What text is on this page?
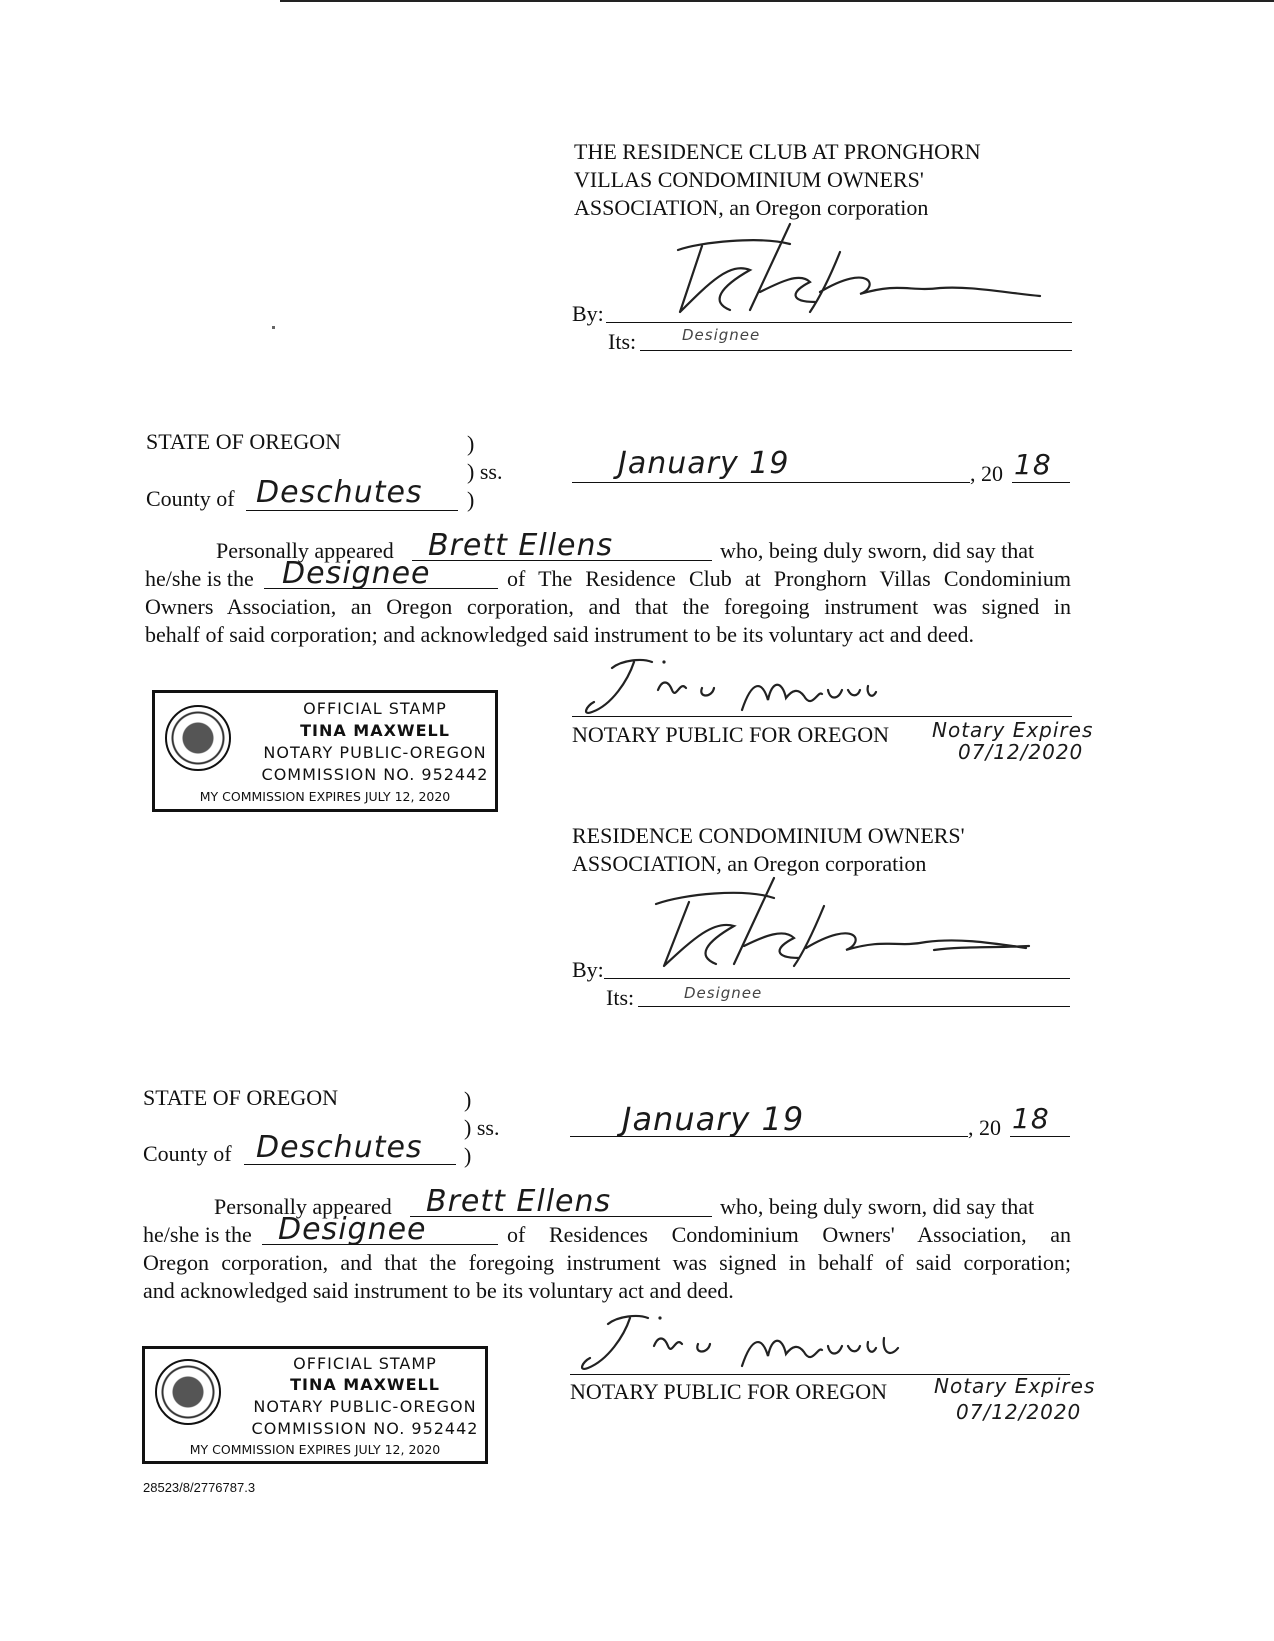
THE RESIDENCE CLUB AT PRONGHORN
VILLAS CONDOMINIUM OWNERS'
ASSOCIATION, an Oregon corporation
By:
Its:	Designee
STATE OF OREGON	)
) ss.
County of Deschutes )
January 19	, 20 18
Personally appeared Brett Ellens	who, being duly sworn, did say that
he/she is the Designee	of The Residence Club at Pronghorn Villas Condominium
Owners Association, an Oregon corporation, and that the foregoing instrument was signed in
behalf of said corporation; and acknowledged said instrument to be its voluntary act and deed.
OFFICIAL STAMP
TINA MAXWELL
NOTARY PUBLIC-OREGON
COMMISSION NO. 952442
MY COMMISSION EXPIRES JULY 12, 2020
NOTARY PUBLIC FOR OREGON Notary Expires
07/12/2020
RESIDENCE CONDOMINIUM OWNERS'
ASSOCIATION, an Oregon corporation
By:
Its:	Designee
STATE OF OREGON	)
) ss.
County of Deschutes )
January 19	, 20 18
Personally appeared Brett Ellens	who, being duly sworn, did say that
he/she is the Designee	of Residences Condominium Owners' Association, an
Oregon corporation, and that the foregoing instrument was signed in behalf of said corporation;
and acknowledged said instrument to be its voluntary act and deed.
OFFICIAL STAMP
TINA MAXWELL
NOTARY PUBLIC-OREGON
COMMISSION NO. 952442
MY COMMISSION EXPIRES JULY 12, 2020
NOTARY PUBLIC FOR OREGON Notary Expires
07/12/2020
28523/8/2776787.3
